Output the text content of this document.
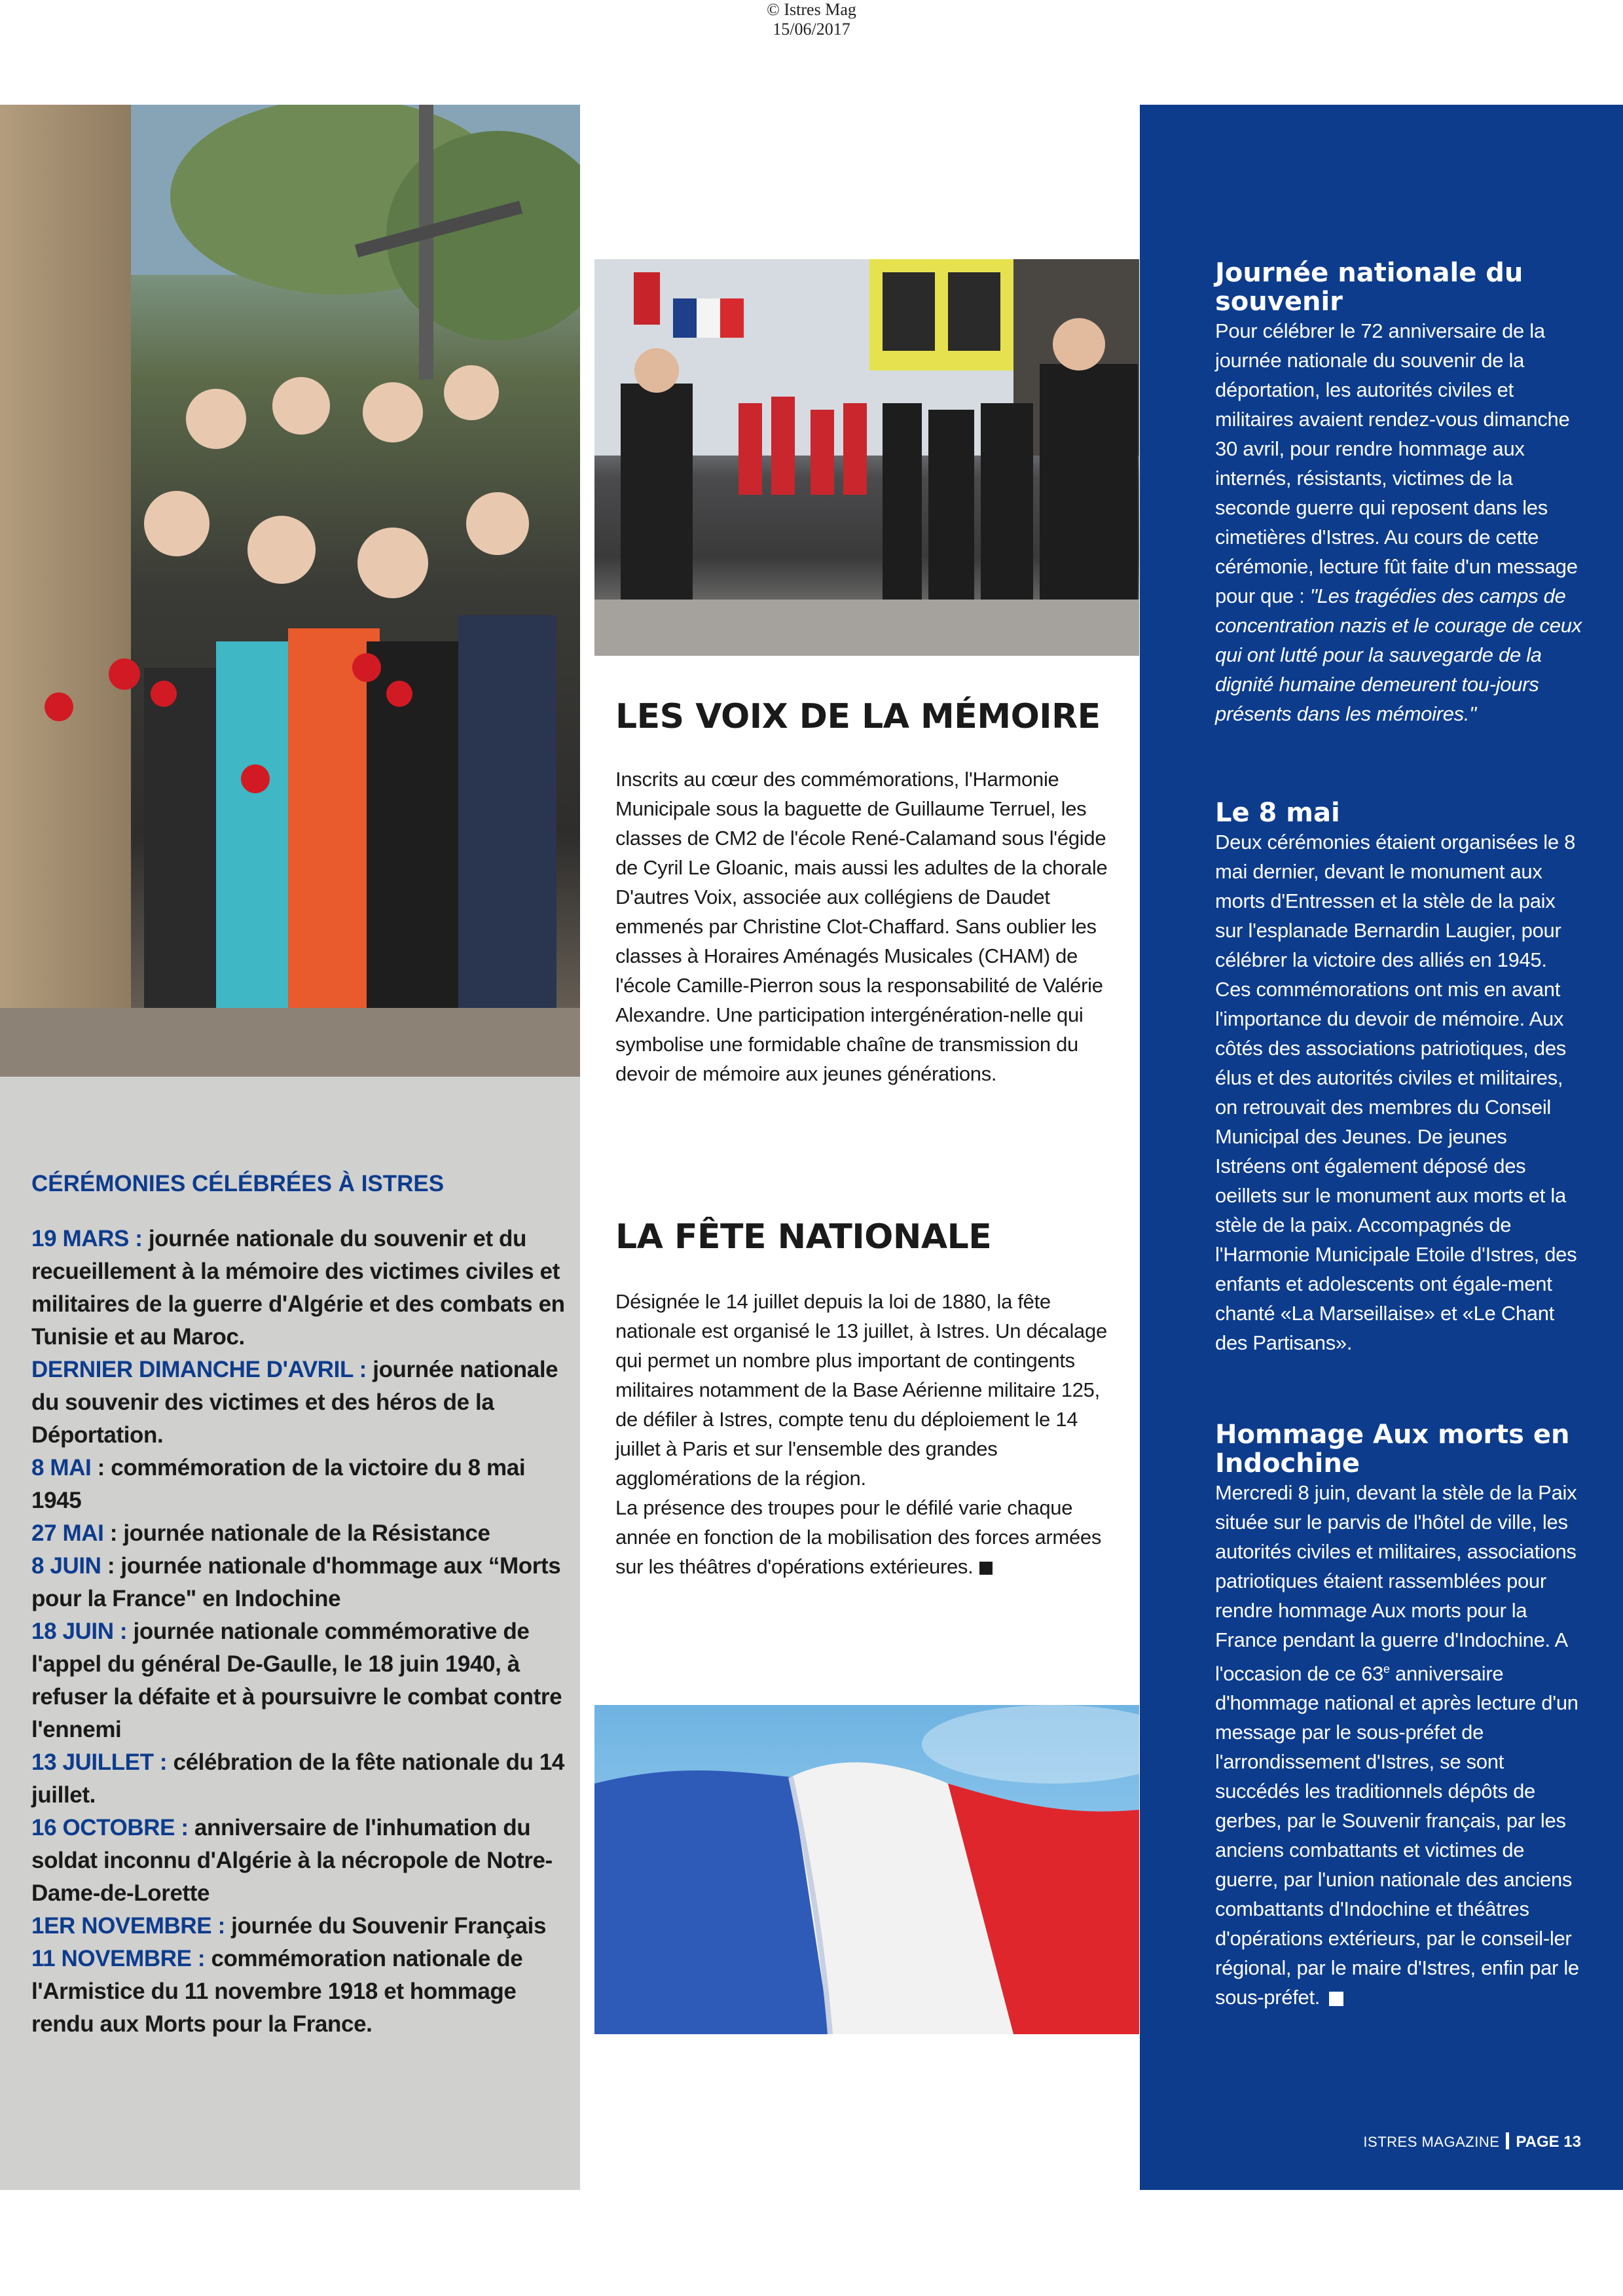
© Istres Mag
15/06/2017
LES VOIX DE LA MÉMOIRE

Inscrits au cœur des commémorations, l'Harmonie Municipale sous la baguette de Guillaume Terruel, les classes de CM2 de l'école René-Calamand sous l'égide de Cyril Le Gloanic, mais aussi les adultes de la chorale D'autres Voix, associée aux collégiens de Daudet emmenés par Christine Clot-Chaffard. Sans oublier les classes à Horaires Aménagés Musicales (CHAM) de l'école Camille-Pierron sous la responsabilité de Valérie Alexandre. Une participation intergénération-nelle qui symbolise une formidable chaîne de transmission du devoir de mémoire aux jeunes générations.

LA FÊTE NATIONALE

Désignée le 14 juillet depuis la loi de 1880, la fête nationale est organisé le 13 juillet, à Istres. Un décalage qui permet un nombre plus important de contingents militaires notamment de la Base Aérienne militaire 125, de défiler à Istres, compte tenu du déploiement le 14 juillet à Paris et sur l'ensemble des grandes agglomérations de la région.

La présence des troupes pour le défilé varie chaque année en fonction de la mobilisation des forces armées sur les théâtres d'opérations extérieures.

CÉRÉMONIES CÉLÉBRÉES À ISTRES
19 MARS : journée nationale du souvenir et du recueillement à la mémoire des victimes civiles et militaires de la guerre d'Algérie et des combats en Tunisie et au Maroc.
DERNIER DIMANCHE D'AVRIL : journée nationale du souvenir des victimes et des héros de la Déportation.
8 MAI : commémoration de la victoire du 8 mai 1945
27 MAI : journée nationale de la Résistance
8 JUIN : journée nationale d'hommage aux “Morts pour la France" en Indochine
18 JUIN : journée nationale commémorative de l'appel du général De-Gaulle, le 18 juin 1940, à refuser la défaite et à poursuivre le combat contre l'ennemi
13 JUILLET : célébration de la fête nationale du 14 juillet.
16 OCTOBRE : anniversaire de l'inhumation du soldat inconnu d'Algérie à la nécropole de Notre-Dame-de-Lorette
1ER NOVEMBRE : journée du Souvenir Français
11 NOVEMBRE : commémoration nationale de l'Armistice du 11 novembre 1918 et hommage rendu aux Morts pour la France.
Journée nationale du souvenir

Pour célébrer le 72 anniversaire de la journée nationale du souvenir de la déportation, les autorités civiles et militaires avaient rendez-vous dimanche 30 avril, pour rendre hommage aux internés, résistants, victimes de la seconde guerre qui reposent dans les cimetières d'Istres. Au cours de cette cérémonie, lecture fût faite d'un message pour que : "Les tragédies des camps de concentration nazis et le courage de ceux qui ont lutté pour la sauvegarde de la dignité humaine demeurent tou-jours présents dans les mémoires."

Le 8 mai

Deux cérémonies étaient organisées le 8 mai dernier, devant le monument aux morts d'Entressen et la stèle de la paix sur l'esplanade Bernardin Laugier, pour célébrer la victoire des alliés en 1945. Ces commémorations ont mis en avant l'importance du devoir de mémoire. Aux côtés des associations patriotiques, des élus et des autorités civiles et militaires, on retrouvait des membres du Conseil Municipal des Jeunes. De jeunes Istréens ont également déposé des oeillets sur le monument aux morts et la stèle de la paix. Accompagnés de l'Harmonie Municipale Etoile d'Istres, des enfants et adolescents ont égale-ment chanté «La Marseillaise» et «Le Chant des Partisans».

Hommage Aux morts en Indochine

Mercredi 8 juin, devant la stèle de la Paix située sur le parvis de l'hôtel de ville, les autorités civiles et militaires, associations patriotiques étaient rassemblées pour rendre hommage Aux morts pour la France pendant la guerre d'Indochine. A l'occasion de ce 63e anniversaire d'hommage national et après lecture d'un message par le sous-préfet de l'arrondissement d'Istres, se sont succédés les traditionnels dépôts de gerbes, par le Souvenir français, par les anciens combattants et victimes de guerre, par l'union nationale des anciens combattants d'Indochine et théâtres d'opérations extérieurs, par le conseil-ler régional, par le maire d'Istres, enfin par le sous-préfet.

ISTRES MAGAZINE PAGE 13
